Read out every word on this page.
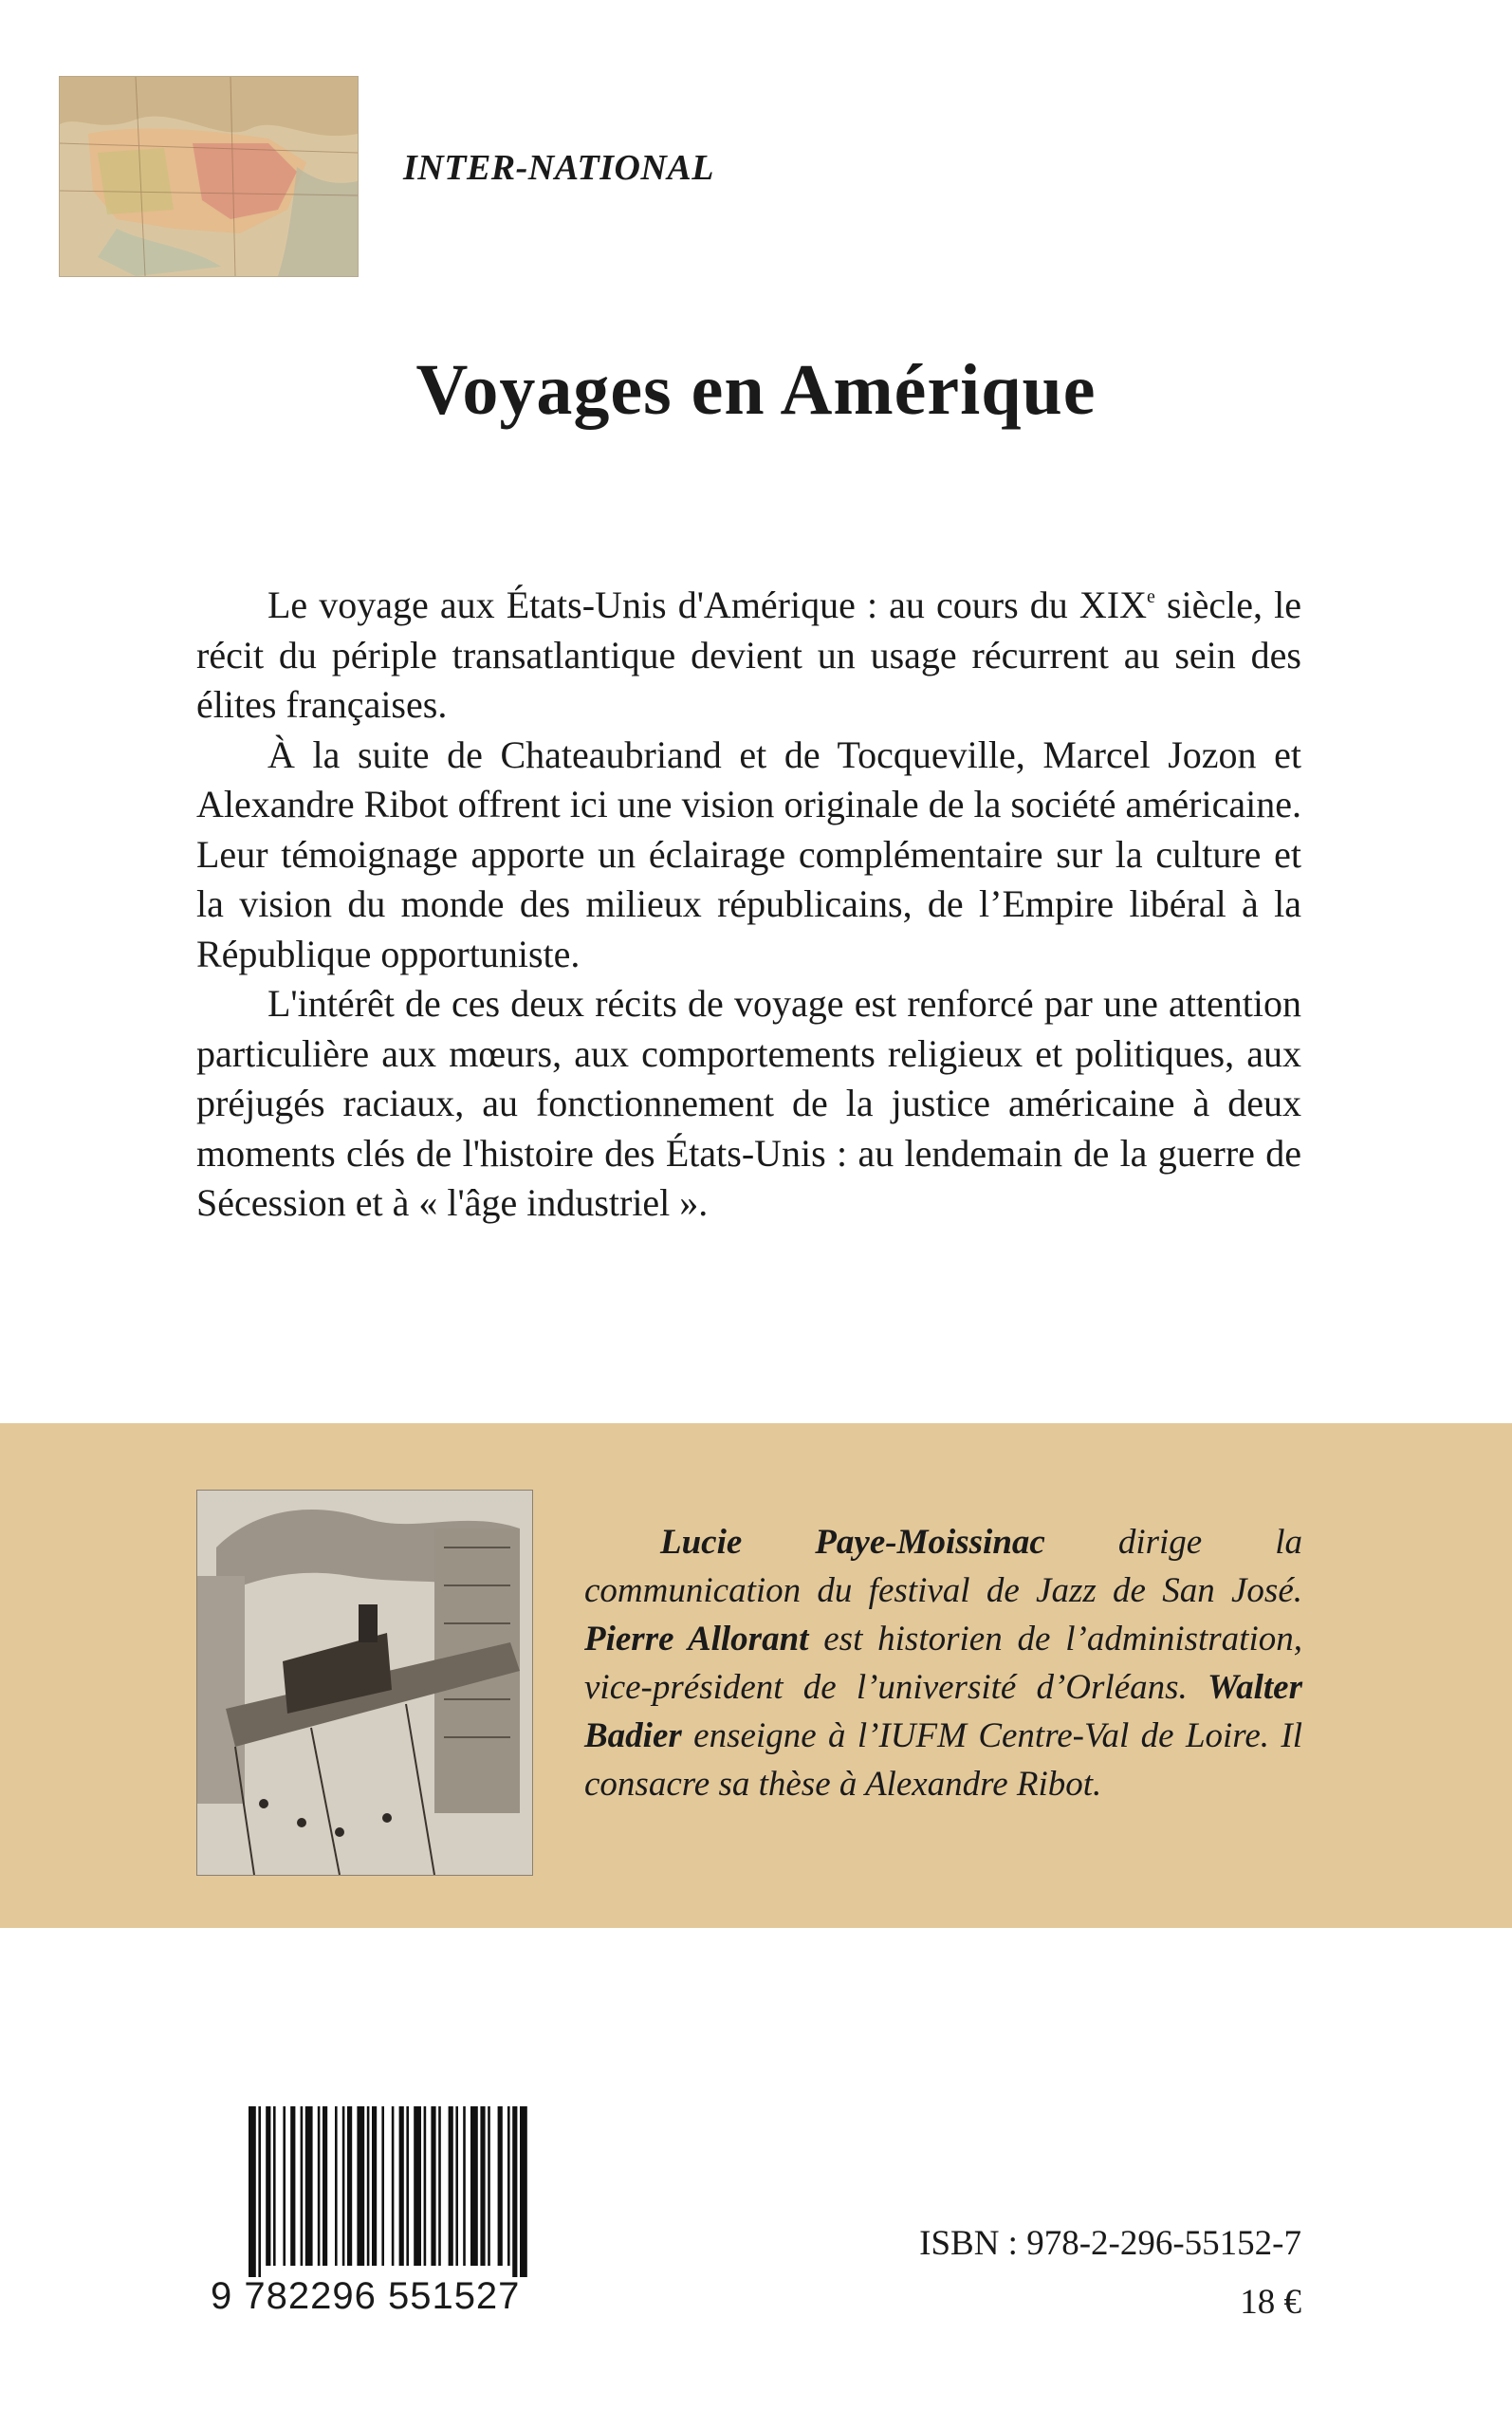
INTER-NATIONAL
Voyages en Amérique

Le voyage aux États-Unis d'Amérique : au cours du XIXe siècle, le récit du périple transatlantique devient un usage récurrent au sein des élites françaises.

À la suite de Chateaubriand et de Tocqueville, Marcel Jozon et Alexandre Ribot offrent ici une vision originale de la société américaine. Leur témoignage apporte un éclairage complémentaire sur la culture et la vision du monde des milieux républicains, de l’Empire libéral à la République opportuniste.

L'intérêt de ces deux récits de voyage est renforcé par une attention particulière aux mœurs, aux comportements religieux et politiques, aux préjugés raciaux, au fonctionnement de la justice américaine à deux moments clés de l'histoire des États-Unis : au lendemain de la guerre de Sécession et à « l'âge industriel ».

Lucie Paye-Moissinac dirige la communication du festival de Jazz de San José. Pierre Allorant est historien de l’administration, vice-président de l’université d’Orléans. Walter Badier enseigne à l’IUFM Centre-Val de Loire. Il consacre sa thèse à Alexandre Ribot.

9 782296 551527
ISBN : 978-2-296-55152-7
18 €
